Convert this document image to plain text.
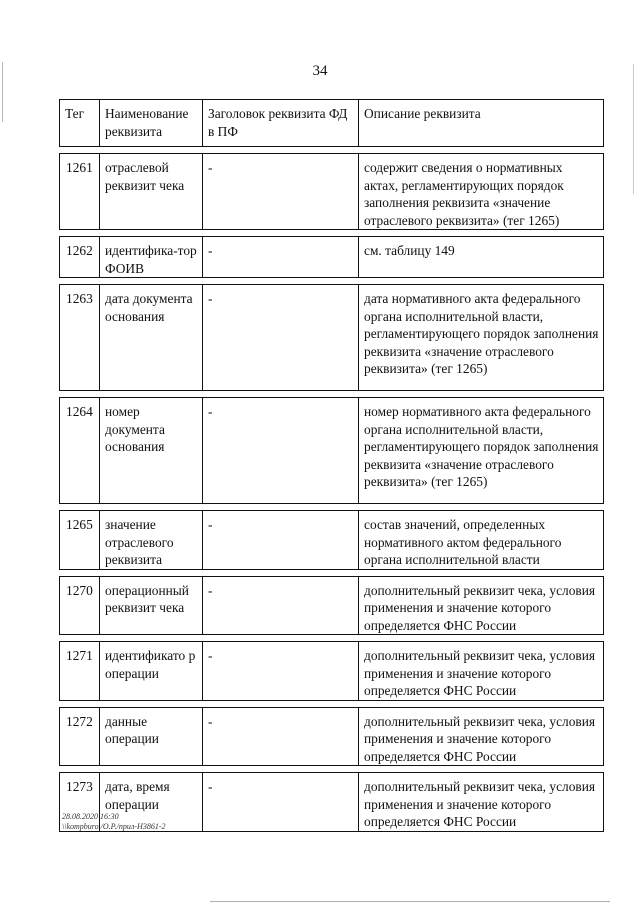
34
Тег	Наименование реквизита	Заголовок реквизита ФД в ПФ	Описание реквизита

1261	отраслевой реквизит чека	-	содержит сведения о нормативных актах, регламентирующих порядок заполнения реквизита «значение отраслевого реквизита» (тег 1265)

1262	идентифика-тор ФОИВ	-	см. таблицу 149

1263	дата документа основания	-	дата нормативного акта федерального органа исполнительной власти, регламентирующего порядок заполнения реквизита «значение отраслевого реквизита» (тег 1265)

1264	номер документа основания	-	номер нормативного акта федерального органа исполнительной власти, регламентирующего порядок заполнения реквизита «значение отраслевого реквизита» (тег 1265)

1265	значение отраслевого реквизита	-	состав значений, определенных нормативного актом федерального органа исполнительной власти

1270	операционный реквизит чека	-	дополнительный реквизит чека, условия применения и значение которого определяется ФНС России

1271	идентификато р операции	-	дополнительный реквизит чека, условия применения и значение которого определяется ФНС России

1272	данные операции	-	дополнительный реквизит чека, условия применения и значение которого определяется ФНС России

1273	дата, время операции	-	дополнительный реквизит чека, условия применения и значение которого определяется ФНС России
28.08.2020 16:30
\\kompburo /О.Р./прил-Н3861-2
